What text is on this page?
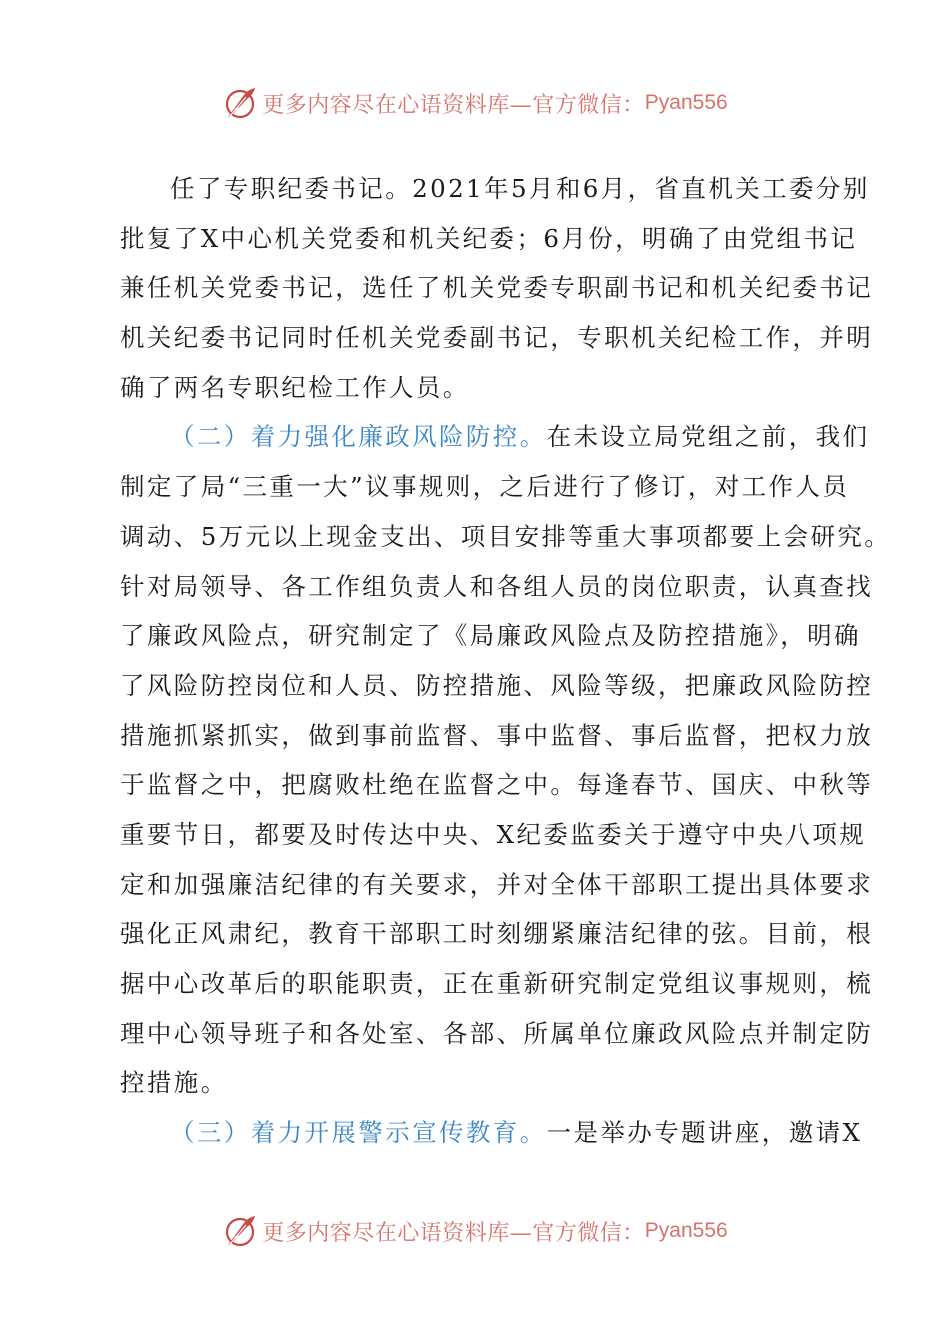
更多内容尽在心语资料库—官方微信： Pyan556
任了专职纪委书记。2021年5月和6月，省直机关工委分别
批复了X中心机关党委和机关纪委；6月份，明确了由党组书记
兼任机关党委书记，选任了机关党委专职副书记和机关纪委书记
机关纪委书记同时任机关党委副书记，专职机关纪检工作，并明
确了两名专职纪检工作人员。
（二）着力强化廉政风险防控。在未设立局党组之前，我们
制定了局“三重一大”议事规则，之后进行了修订，对工作人员
调动、5万元以上现金支出、项目安排等重大事项都要上会研究。
针对局领导、各工作组负责人和各组人员的岗位职责，认真查找
了廉政风险点，研究制定了《局廉政风险点及防控措施》，明确
了风险防控岗位和人员、防控措施、风险等级，把廉政风险防控
措施抓紧抓实，做到事前监督、事中监督、事后监督，把权力放
于监督之中，把腐败杜绝在监督之中。每逢春节、国庆、中秋等
重要节日，都要及时传达中央、X纪委监委关于遵守中央八项规
定和加强廉洁纪律的有关要求，并对全体干部职工提出具体要求
强化正风肃纪，教育干部职工时刻绷紧廉洁纪律的弦。目前，根
据中心改革后的职能职责，正在重新研究制定党组议事规则，梳
理中心领导班子和各处室、各部、所属单位廉政风险点并制定防
控措施。
（三）着力开展警示宣传教育。一是举办专题讲座，邀请X
更多内容尽在心语资料库—官方微信： Pyan556
